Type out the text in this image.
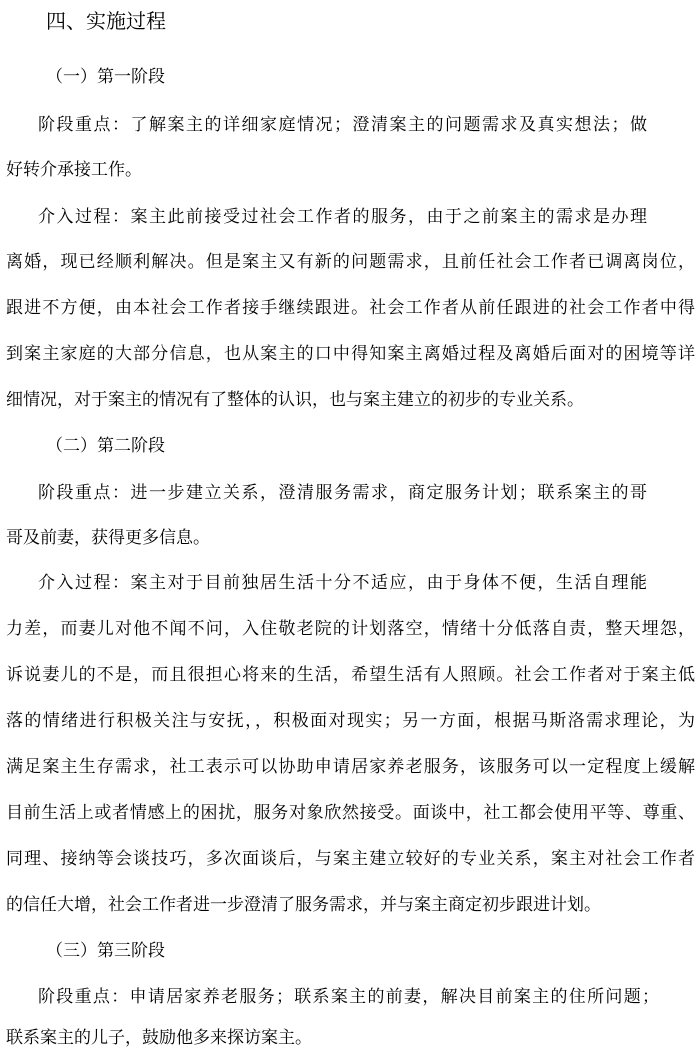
四、实施过程
（一）第一阶段
阶段重点：了解案主的详细家庭情况；澄清案主的问题需求及真实想法；做
好转介承接工作。
介入过程：案主此前接受过社会工作者的服务，由于之前案主的需求是办理
离婚，现已经顺利解决。但是案主又有新的问题需求，且前任社会工作者已调离岗位，
跟进不方便，由本社会工作者接手继续跟进。社会工作者从前任跟进的社会工作者中得
到案主家庭的大部分信息，也从案主的口中得知案主离婚过程及离婚后面对的困境等详
细情况，对于案主的情况有了整体的认识，也与案主建立的初步的专业关系。
（二）第二阶段
阶段重点：进一步建立关系，澄清服务需求，商定服务计划；联系案主的哥
哥及前妻，获得更多信息。
介入过程：案主对于目前独居生活十分不适应，由于身体不便，生活自理能
力差，而妻儿对他不闻不问，入住敬老院的计划落空，情绪十分低落自责，整天埋怨，
诉说妻儿的不是，而且很担心将来的生活，希望生活有人照顾。社会工作者对于案主低
落的情绪进行积极关注与安抚，，积极面对现实；另一方面，根据马斯洛需求理论，为
满足案主生存需求，社工表示可以协助申请居家养老服务，该服务可以一定程度上缓解
目前生活上或者情感上的困扰，服务对象欣然接受。面谈中，社工都会使用平等、尊重、
同理、接纳等会谈技巧，多次面谈后，与案主建立较好的专业关系，案主对社会工作者
的信任大增，社会工作者进一步澄清了服务需求，并与案主商定初步跟进计划。
（三）第三阶段
阶段重点：申请居家养老服务；联系案主的前妻，解决目前案主的住所问题；
联系案主的儿子，鼓励他多来探访案主。
